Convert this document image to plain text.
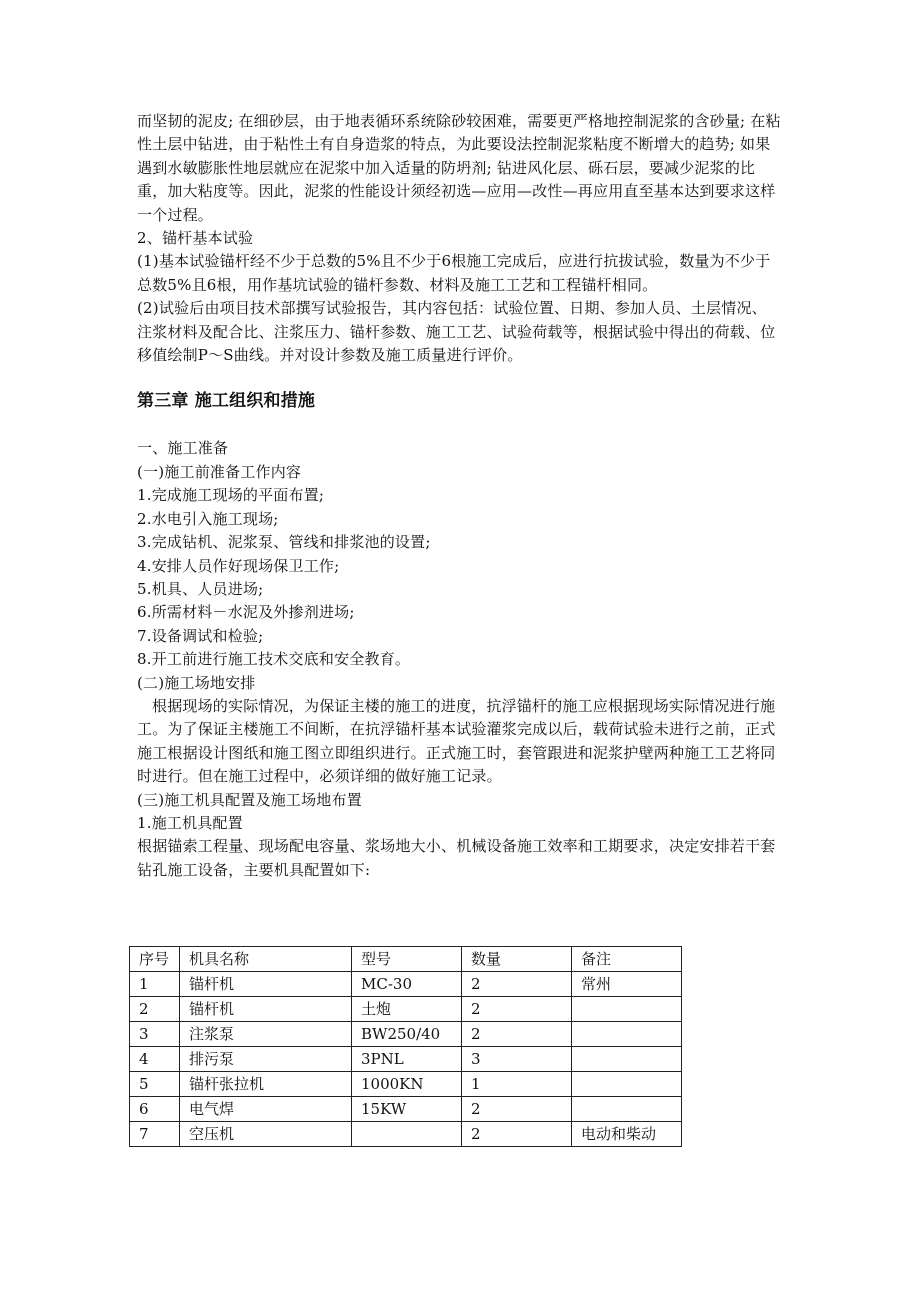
而坚韧的泥皮; 在细砂层，由于地表循环系统除砂较困难，需要更严格地控制泥浆的含砂量; 在粘性土层中钻进，由于粘性土有自身造浆的特点，为此要设法控制泥浆粘度不断增大的趋势; 如果遇到水敏膨胀性地层就应在泥浆中加入适量的防坍剂; 钻进风化层、砾石层，要减少泥浆的比重，加大粘度等。因此，泥浆的性能设计须经初选—应用—改性—再应用直至基本达到要求这样一个过程。

2、锚杆基本试验

(1)基本试验锚杆经不少于总数的5%且不少于6根施工完成后，应进行抗拔试验，数量为不少于总数5%且6根，用作基坑试验的锚杆参数、材料及施工工艺和工程锚杆相同。

(2)试验后由项目技术部撰写试验报告，其内容包括：试验位置、日期、参加人员、土层情况、注浆材料及配合比、注浆压力、锚杆参数、施工工艺、试验荷载等，根据试验中得出的荷载、位移值绘制P～S曲线。并对设计参数及施工质量进行评价。

第三章 施工组织和措施

一、施工准备

(一)施工前准备工作内容

1.完成施工现场的平面布置;

2.水电引入施工现场;

3.完成钻机、泥浆泵、管线和排浆池的设置;

4.安排人员作好现场保卫工作;

5.机具、人员进场;

6.所需材料－水泥及外掺剂进场;

7.设备调试和检验;

8.开工前进行施工技术交底和安全教育。

(二)施工场地安排

根据现场的实际情况，为保证主楼的施工的进度，抗浮锚杆的施工应根据现场实际情况进行施工。为了保证主楼施工不间断，在抗浮锚杆基本试验灌浆完成以后，载荷试验未进行之前，正式施工根据设计图纸和施工图立即组织进行。正式施工时，套管跟进和泥浆护壁两种施工工艺将同时进行。但在施工过程中，必须详细的做好施工记录。

(三)施工机具配置及施工场地布置

1.施工机具配置

根据锚索工程量、现场配电容量、浆场地大小、机械设备施工效率和工期要求，决定安排若干套钻孔施工设备，主要机具配置如下:

序号	机具名称	型号	数量	备注
1	锚杆机	MC-30	2	常州
2	锚杆机	土炮	2	
3	注浆泵	BW250/40	2	
4	排污泵	3PNL	3	
5	锚杆张拉机	1000KN	1	
6	电气焊	15KW	2	
7	空压机		2	电动和柴动
